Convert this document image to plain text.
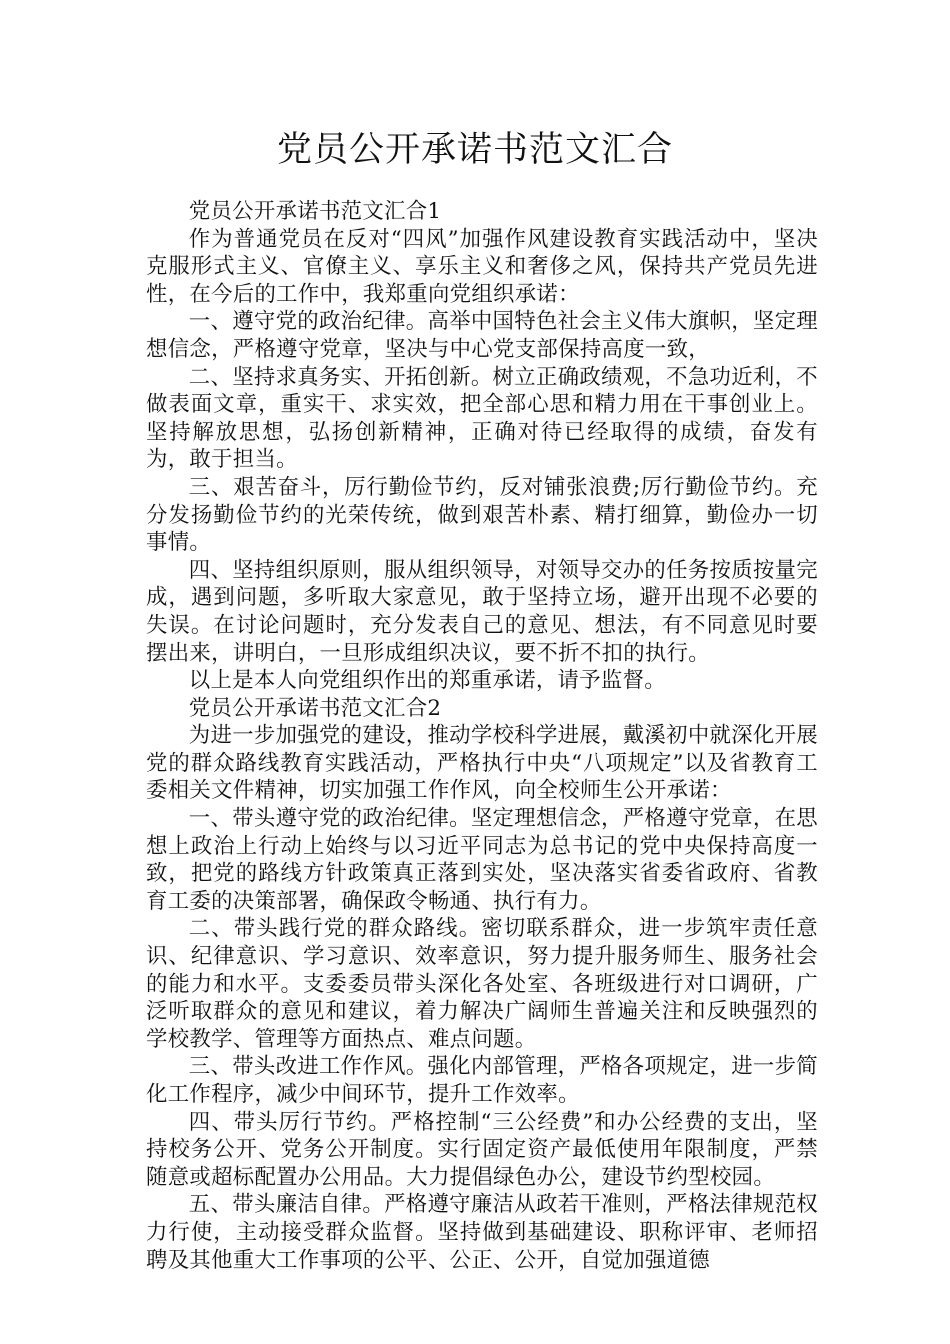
党员公开承诺书范文汇合

党员公开承诺书范文汇合1

作为普通党员在反对“四风”加强作风建设教育实践活动中，坚决克服形式主义、官僚主义、享乐主义和奢侈之风，保持共产党员先进性，在今后的工作中，我郑重向党组织承诺：

一、遵守党的政治纪律。高举中国特色社会主义伟大旗帜，坚定理想信念，严格遵守党章，坚决与中心党支部保持高度一致，

二、坚持求真务实、开拓创新。树立正确政绩观，不急功近利，不做表面文章，重实干、求实效，把全部心思和精力用在干事创业上。坚持解放思想，弘扬创新精神，正确对待已经取得的成绩，奋发有为，敢于担当。

三、艰苦奋斗，厉行勤俭节约，反对铺张浪费;厉行勤俭节约。充分发扬勤俭节约的光荣传统，做到艰苦朴素、精打细算，勤俭办一切事情。

四、坚持组织原则，服从组织领导，对领导交办的任务按质按量完成，遇到问题，多听取大家意见，敢于坚持立场，避开出现不必要的失误。在讨论问题时，充分发表自己的意见、想法，有不同意见时要摆出来，讲明白，一旦形成组织决议，要不折不扣的执行。

以上是本人向党组织作出的郑重承诺，请予监督。

党员公开承诺书范文汇合2

为进一步加强党的建设，推动学校科学进展，戴溪初中就深化开展党的群众路线教育实践活动，严格执行中央“八项规定”以及省教育工委相关文件精神，切实加强工作作风，向全校师生公开承诺：

一、带头遵守党的政治纪律。坚定理想信念，严格遵守党章，在思想上政治上行动上始终与以习近平同志为总书记的党中央保持高度一致，把党的路线方针政策真正落到实处，坚决落实省委省政府、省教育工委的决策部署，确保政令畅通、执行有力。

二、带头践行党的群众路线。密切联系群众，进一步筑牢责任意识、纪律意识、学习意识、效率意识，努力提升服务师生、服务社会的能力和水平。支委委员带头深化各处室、各班级进行对口调研，广泛听取群众的意见和建议，着力解决广阔师生普遍关注和反映强烈的学校教学、管理等方面热点、难点问题。

三、带头改进工作作风。强化内部管理，严格各项规定，进一步简化工作程序，减少中间环节，提升工作效率。

四、带头厉行节约。严格控制“三公经费”和办公经费的支出，坚持校务公开、党务公开制度。实行固定资产最低使用年限制度，严禁随意或超标配置办公用品。大力提倡绿色办公，建设节约型校园。

五、带头廉洁自律。严格遵守廉洁从政若干准则，严格法律规范权力行使，主动接受群众监督。坚持做到基础建设、职称评审、老师招聘及其他重大工作事项的公平、公正、公开，自觉加强道德
